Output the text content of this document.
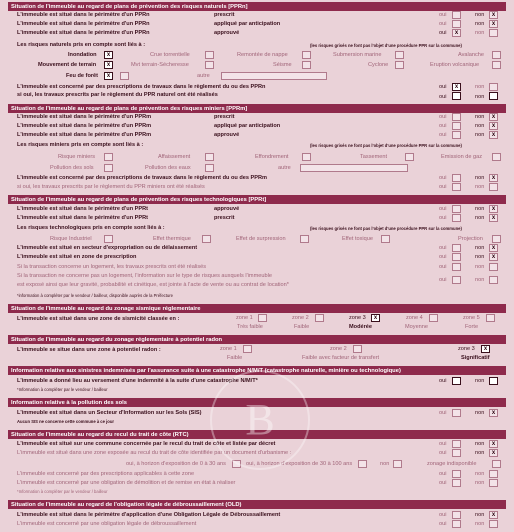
Situation de l'immeuble au regard de plans de prévention des risques naturels [PPRn]
L'immeuble est situé dans le périmètre d'un PPRn	prescrit	oui	non	x
L'immeuble est situé dans le périmètre d'un PPRn	appliqué par anticipation	oui	non	x
L'immeuble est situé dans le périmètre d'un PPRn	approuvé	oui	x	non
Les risques naturels pris en compte sont liés à :	(les risques grisés ne font pas l'objet d'une procédure PPR sur la commune)
Inondation	x	Crue torrentielle	Remontée de nappe	Submersion marine	Avalanche
Mouvement de terrain	x	Mvt terrain-Sécheresse	Séisme	Cyclone	Eruption volcanique
Feu de forêt	x	autre
L'immeuble est concerné par des prescriptions de travaux dans le règlement du ou des PPRn	oui	x	non
si oui, les travaux prescrits par le règlement du PPR naturel ont été réalisés	oui	non
Situation de l'immeuble au regard de plans de prévention des risques miniers [PPRm]
L'immeuble est situé dans le périmètre d'un PPRm	prescrit	oui	non	x
L'immeuble est situé dans le périmètre d'un PPRm	appliqué par anticipation	oui	non	x
L'immeuble est situé dans le périmètre d'un PPRm	approuvé	oui	non	x
Les risques miniers pris en compte sont liés à :	(les risques grisés ne font pas l'objet d'une procédure PPR sur la commune)
Risque miniers	Affaissement	Effondrement	Tassement	Emission de gaz
Pollution des sols	Pollution des eaux	autre
L'immeuble est concerné par des prescriptions de travaux dans le règlement du ou des PPRm	oui	non	x
si oui, les travaux prescrits par le règlement du PPR miniers ont été réalisés	oui	non
Situation de l'immeuble au regard de plans de prévention des risques technologiques [PPRt]
L'immeuble est situé dans le périmètre d'un PPRt	approuvé	oui	non	x
L'immeuble est situé dans le périmètre d'un PPRt	prescrit	oui	non	x
Les risques technologiques pris en compte sont liés à :	(les risques grisés ne font pas l'objet d'une procédure PPR sur la commune)
Risque Industriel	Effet thermique	Effet de surpression	Effet toxique	Projection
L'immeuble est situé en secteur d'expropriation ou de délaissement	oui	non	x
L'immeuble est situé en zone de prescription	oui	non	x
Si la transaction concerne un logement, les travaux prescrits ont été réalisés	oui	non
Si la transaction ne concerne pas un logement, l'information sur le type de risques auxquels l'immeuble
est exposé ainsi que leur gravité, probabilité et cinétique, est jointe à l'acte de vente ou au contrat de location*
oui	non
*information à compléter par le vendeur / bailleur, disponible auprès de la Préfecture
Situation de l'immeuble au regard du zonage sismique réglementaire
L'immeuble est situé dans une zone de sismicité classée en :	zone 1
Très faible
zone 2
Faible
zone 3	x
Modérée
zone 4
Moyenne
zone 5
Forte
Situation de l'immeuble au regard du zonage réglementaire à potentiel radon
L'immeuble se situe dans une zone à potentiel radon :	zone 1
Faible
zone 2
Faible avec facteur de transfert
zone 3	x
Significatif
Information relative aux sinistres indemnisés par l'assurance suite à une catastrophe N/M/T (catastrophe naturelle, minière ou technologique)
L'immeuble a donné lieu au versement d'une indemnité à la suite d'une catastrophe N/M/T*	oui	non
*Information à compléter par le vendeur / bailleur
Information relative à la pollution des sols
L'immeuble est situé dans un Secteur d'Information sur les Sols (SIS)	oui	non	x
Aucun SIS ne concerne cette commune à ce jour
Situation de l'immeuble au regard du recul du trait de côte (RTC)
L'immeuble est situé sur une commune concernée par le recul du trait de côte et listée par décret	oui	non	x
L'immeuble est situé dans une zone exposée au recul du trait de côte identifiée par un document d'urbanisme :	oui	non	x
oui, à horizon d'exposition de 0 à 30 ans	oui, à horizon d'exposition de 30 à 100 ans	non	zonage indisponible
L'immeuble est concerné par des prescriptions applicables à cette zone	oui	non
L'immeuble est concerné par une obligation de démolition et de remise en état à réaliser	oui	non
*Information à compléter par le vendeur / bailleur
Situation de l'immeuble au regard de l'obligation légale de débroussaillement (OLD)
L'immeuble est situé dans le périmètre d'application d'une Obligation Légale de Débroussaillement	oui	non	x
L'immeuble est concerné par une obligation légale de débroussaillement	oui	non
B
